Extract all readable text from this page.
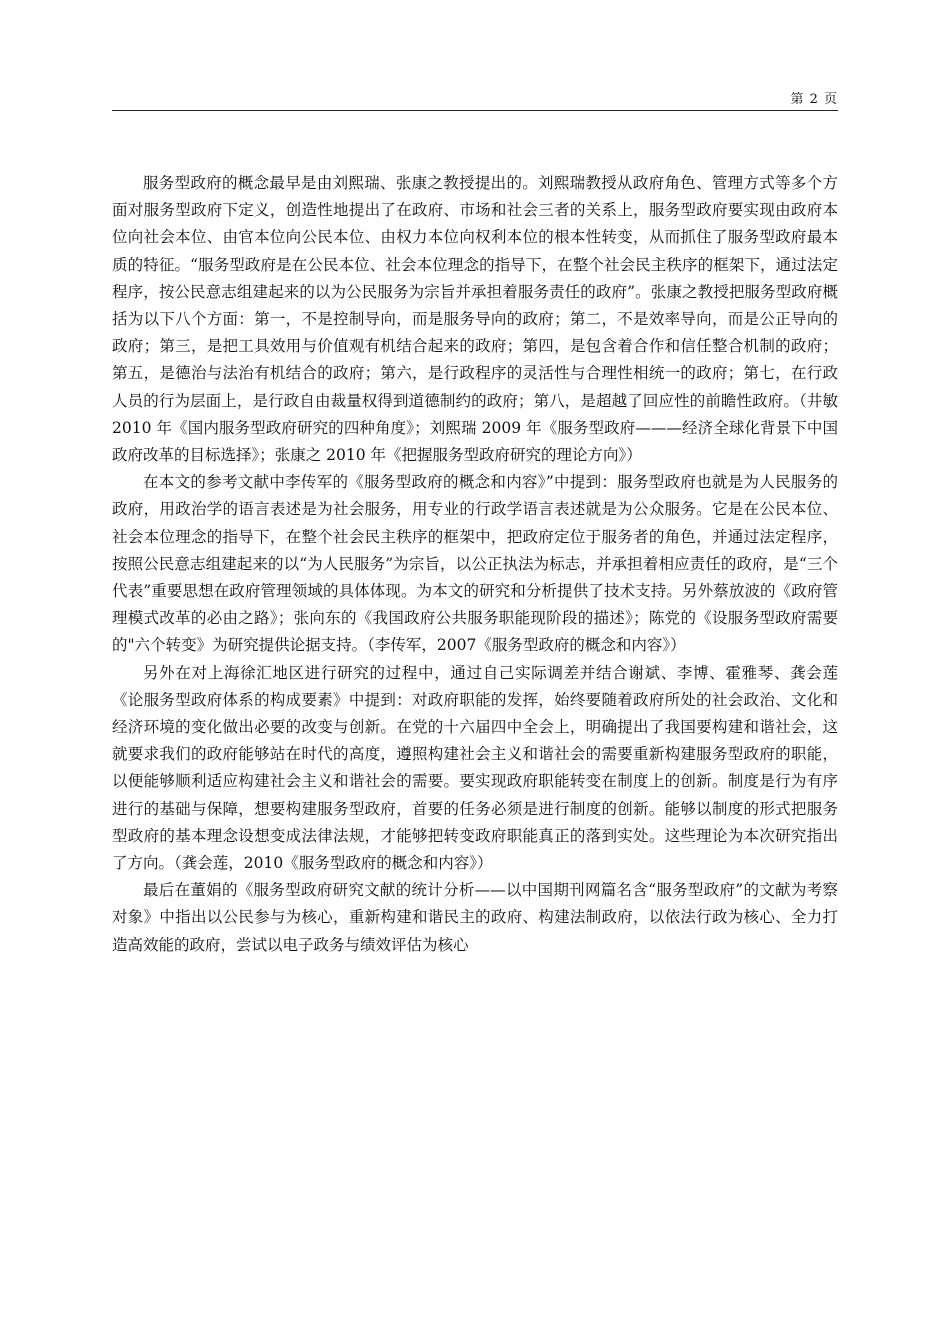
第 2 页

服务型政府的概念最早是由刘熙瑞、张康之教授提出的。刘熙瑞教授从政府角色、管理方式等多个方面对服务型政府下定义，创造性地提出了在政府、市场和社会三者的关系上，服务型政府要实现由政府本位向社会本位、由官本位向公民本位、由权力本位向权利本位的根本性转变，从而抓住了服务型政府最本质的特征。“服务型政府是在公民本位、社会本位理念的指导下，在整个社会民主秩序的框架下，通过法定程序，按公民意志组建起来的以为公民服务为宗旨并承担着服务责任的政府”。张康之教授把服务型政府概括为以下八个方面：第一，不是控制导向，而是服务导向的政府；第二，不是效率导向，而是公正导向的政府；第三，是把工具效用与价值观有机结合起来的政府；第四，是包含着合作和信任整合机制的政府；第五，是德治与法治有机结合的政府；第六，是行政程序的灵活性与合理性相统一的政府；第七，在行政人员的行为层面上，是行政自由裁量权得到道德制约的政府；第八，是超越了回应性的前瞻性政府。（井敏 2010 年《国内服务型政府研究的四种角度》；刘熙瑞 2009 年《服务型政府———经济全球化背景下中国政府改革的目标选择》；张康之 2010 年《把握服务型政府研究的理论方向》）

在本文的参考文献中李传军的《服务型政府的概念和内容》”中提到：服务型政府也就是为人民服务的政府，用政治学的语言表述是为社会服务，用专业的行政学语言表述就是为公众服务。它是在公民本位、社会本位理念的指导下，在整个社会民主秩序的框架中，把政府定位于服务者的角色，并通过法定程序，按照公民意志组建起来的以“为人民服务”为宗旨，以公正执法为标志，并承担着相应责任的政府，是“三个代表”重要思想在政府管理领域的具体体现。为本文的研究和分析提供了技术支持。另外蔡放波的《政府管理模式改革的必由之路》；张向东的《我国政府公共服务职能现阶段的描述》；陈党的《设服务型政府需要的"六个转变》为研究提供论据支持。（李传军，2007《服务型政府的概念和内容》）

另外在对上海徐汇地区进行研究的过程中，通过自己实际调差并结合谢斌、李博、霍雅琴、龚会莲《论服务型政府体系的构成要素》中提到：对政府职能的发挥，始终要随着政府所处的社会政治、文化和经济环境的变化做出必要的改变与创新。在党的十六届四中全会上，明确提出了我国要构建和谐社会，这就要求我们的政府能够站在时代的高度，遵照构建社会主义和谐社会的需要重新构建服务型政府的职能，以便能够顺利适应构建社会主义和谐社会的需要。要实现政府职能转变在制度上的创新。制度是行为有序进行的基础与保障，想要构建服务型政府，首要的任务必须是进行制度的创新。能够以制度的形式把服务型政府的基本理念设想变成法律法规，才能够把转变政府职能真正的落到实处。这些理论为本次研究指出了方向。（龚会莲，2010《服务型政府的概念和内容》）

最后在董娟的《服务型政府研究文献的统计分析——以中国期刊网篇名含“服务型政府”的文献为考察对象》中指出以公民参与为核心，重新构建和谐民主的政府、构建法制政府，以依法行政为核心、全力打造高效能的政府，尝试以电子政务与绩效评估为核心
